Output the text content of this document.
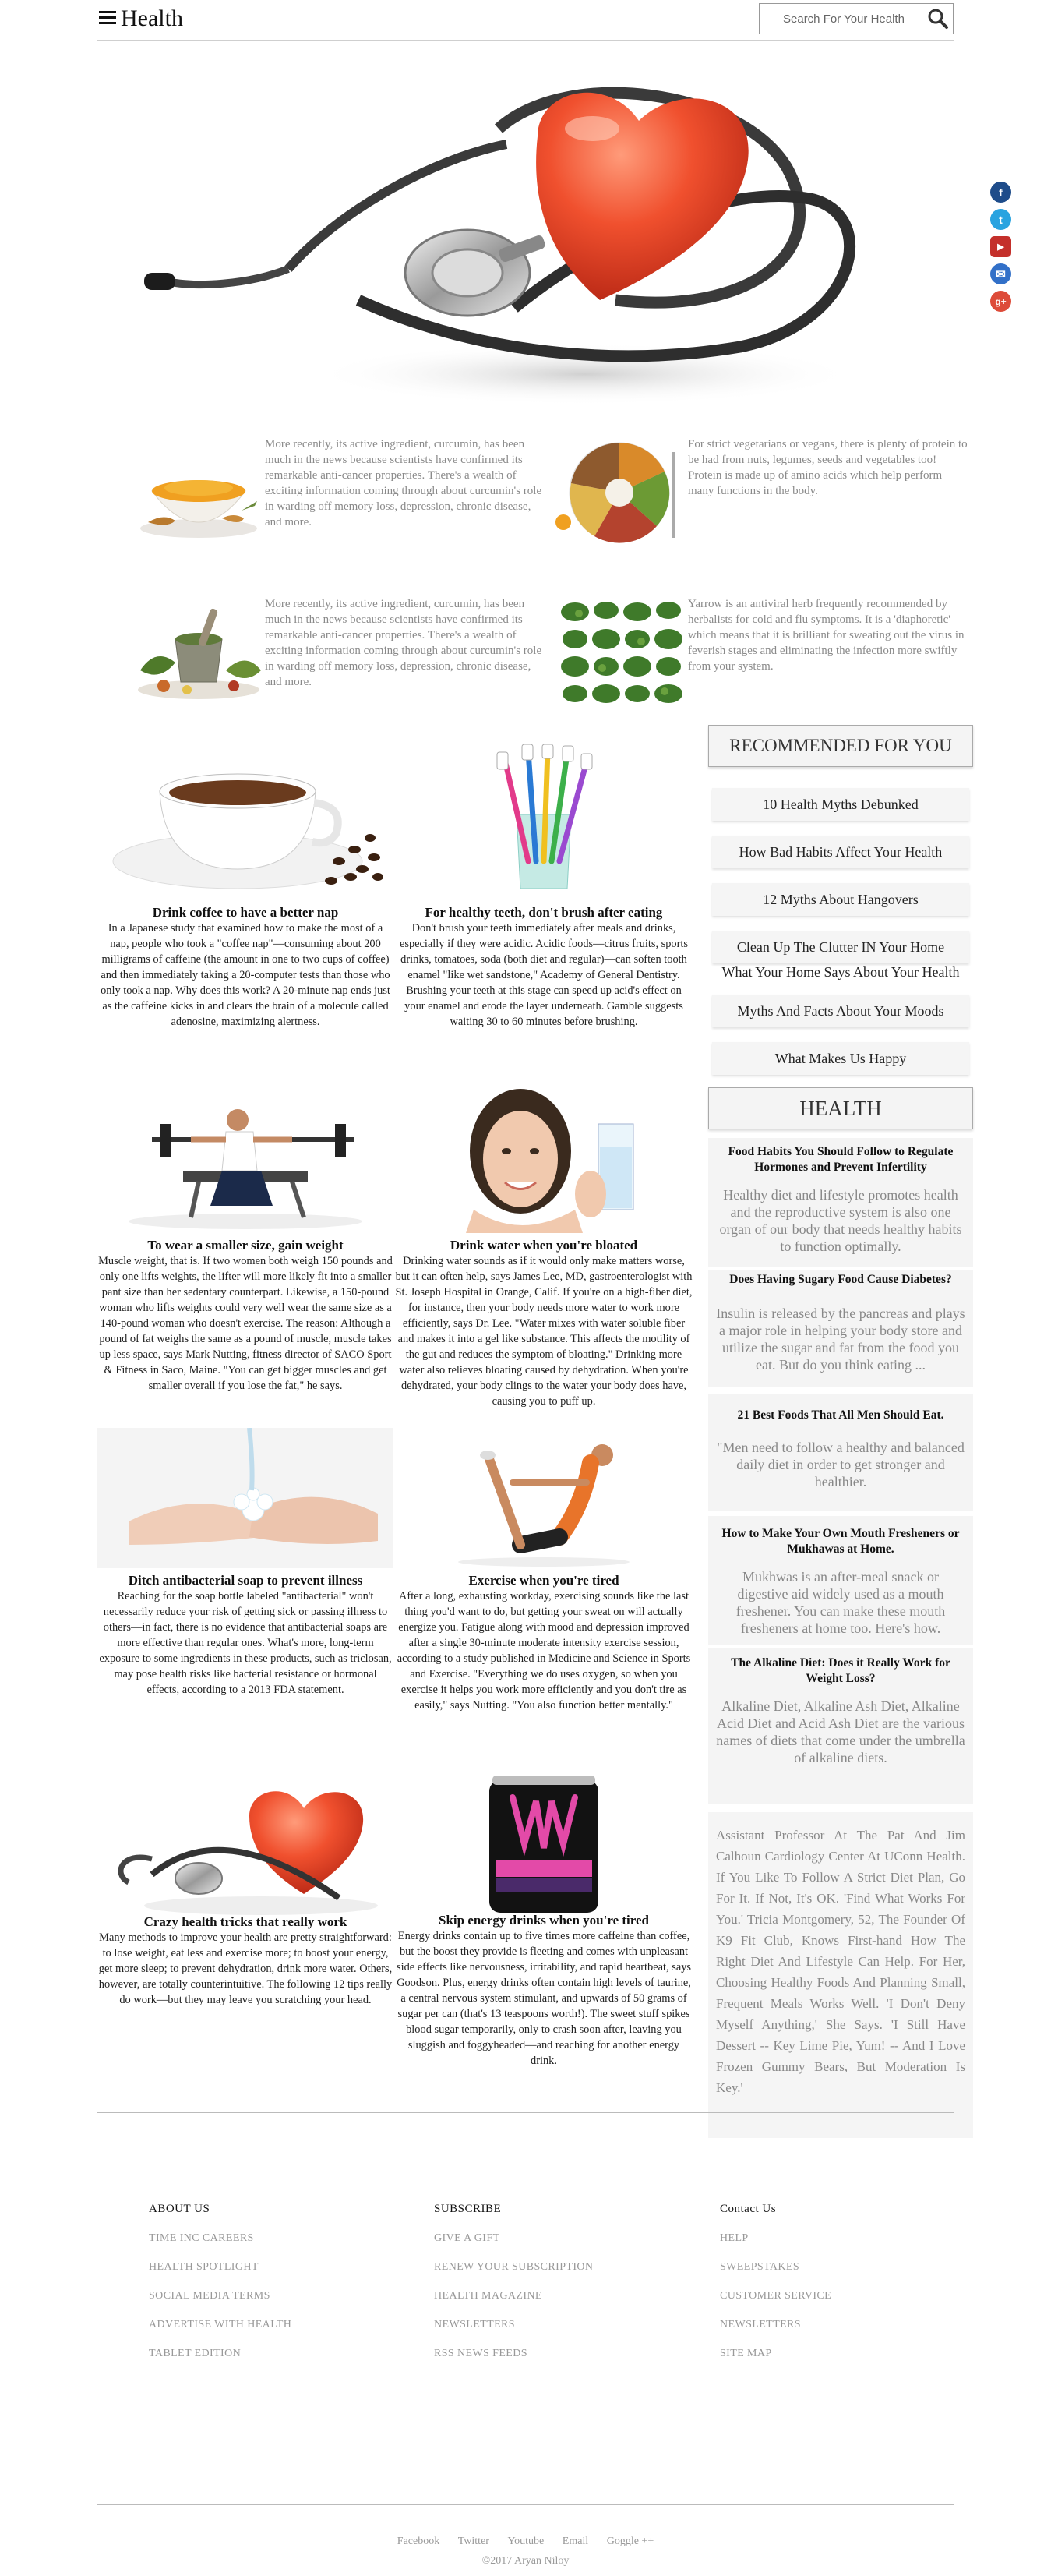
Health
Search For Your Health
f
t
▶
✉
g+
More recently, its active ingredient, curcumin, has been much in the news because scientists have confirmed its remarkable anti-cancer properties. There's a wealth of exciting information coming through about curcumin's role in warding off memory loss, depression, chronic disease, and more.
For strict vegetarians or vegans, there is plenty of protein to be had from nuts, legumes, seeds and vegetables too! Protein is made up of amino acids which help perform many functions in the body.
More recently, its active ingredient, curcumin, has been much in the news because scientists have confirmed its remarkable anti-cancer properties. There's a wealth of exciting information coming through about curcumin's role in warding off memory loss, depression, chronic disease, and more.
Yarrow is an antiviral herb frequently recommended by herbalists for cold and flu symptoms. It is a 'diaphoretic' which means that it is brilliant for sweating out the virus in feverish stages and eliminating the infection more swiftly from your system.
Drink coffee to have a better nap

In a Japanese study that examined how to make the most of a nap, people who took a "coffee nap"—consuming about 200 milligrams of caffeine (the amount in one to two cups of coffee) and then immediately taking a 20-computer tests than those who only took a nap. Why does this work? A 20-minute nap ends just as the caffeine kicks in and clears the brain of a molecule called adenosine, maximizing alertness.

For healthy teeth, don't brush after eating

Don't brush your teeth immediately after meals and drinks, especially if they were acidic. Acidic foods—citrus fruits, sports drinks, tomatoes, soda (both diet and regular)—can soften tooth enamel "like wet sandstone," Academy of General Dentistry. Brushing your teeth at this stage can speed up acid's effect on your enamel and erode the layer underneath. Gamble suggests waiting 30 to 60 minutes before brushing.

To wear a smaller size, gain weight

Muscle weight, that is. If two women both weigh 150 pounds and only one lifts weights, the lifter will more likely fit into a smaller pant size than her sedentary counterpart. Likewise, a 150-pound woman who lifts weights could very well wear the same size as a 140-pound woman who doesn't exercise. The reason: Although a pound of fat weighs the same as a pound of muscle, muscle takes up less space, says Mark Nutting, fitness director of SACO Sport & Fitness in Saco, Maine. "You can get bigger muscles and get smaller overall if you lose the fat," he says.

Drink water when you're bloated

Drinking water sounds as if it would only make matters worse, but it can often help, says James Lee, MD, gastroenterologist with St. Joseph Hospital in Orange, Calif. If you're on a high-fiber diet, for instance, then your body needs more water to work more efficiently, says Dr. Lee. "Water mixes with water soluble fiber and makes it into a gel like substance. This affects the motility of the gut and reduces the symptom of bloating." Drinking more water also relieves bloating caused by dehydration. When you're dehydrated, your body clings to the water your body does have, causing you to puff up.

Ditch antibacterial soap to prevent illness

Reaching for the soap bottle labeled "antibacterial" won't necessarily reduce your risk of getting sick or passing illness to others—in fact, there is no evidence that antibacterial soaps are more effective than regular ones. What's more, long-term exposure to some ingredients in these products, such as triclosan, may pose health risks like bacterial resistance or hormonal effects, according to a 2013 FDA statement.

Exercise when you're tired

After a long, exhausting workday, exercising sounds like the last thing you'd want to do, but getting your sweat on will actually energize you. Fatigue along with mood and depression improved after a single 30-minute moderate intensity exercise session, according to a study published in Medicine and Science in Sports and Exercise. "Everything we do uses oxygen, so when you exercise it helps you work more efficiently and you don't tire as easily," says Nutting. "You also function better mentally."

Crazy health tricks that really work

Many methods to improve your health are pretty straightforward: to lose weight, eat less and exercise more; to boost your energy, get more sleep; to prevent dehydration, drink more water. Others, however, are totally counterintuitive. The following 12 tips really do work—but they may leave you scratching your head.

Skip energy drinks when you're tired

Energy drinks contain up to five times more caffeine than coffee, but the boost they provide is fleeting and comes with unpleasant side effects like nervousness, irritability, and rapid heartbeat, says Goodson. Plus, energy drinks often contain high levels of taurine, a central nervous system stimulant, and upwards of 50 grams of sugar per can (that's 13 teaspoons worth!). The sweet stuff spikes blood sugar temporarily, only to crash soon after, leaving you sluggish and foggyheaded—and reaching for another energy drink.

RECOMMENDED FOR YOU
10 Health Myths Debunked
How Bad Habits Affect Your Health
12 Myths About Hangovers
Clean Up The Clutter IN Your Home
What Your Home Says About Your Health
Myths And Facts About Your Moods
What Makes Us Happy
HEALTH
Food Habits You Should Follow to Regulate Hormones and Prevent Infertility

Healthy diet and lifestyle promotes health and the reproductive system is also one organ of our body that needs healthy habits to function optimally.

Does Having Sugary Food Cause Diabetes?

Insulin is released by the pancreas and plays a major role in helping your body store and utilize the sugar and fat from the food you eat. But do you think eating ...

21 Best Foods That All Men Should Eat.

"Men need to follow a healthy and balanced daily diet in order to get stronger and healthier.

How to Make Your Own Mouth Fresheners or Mukhawas at Home.

Mukhwas is an after-meal snack or digestive aid widely used as a mouth freshener. You can make these mouth fresheners at home too. Here's how.

The Alkaline Diet: Does it Really Work for Weight Loss?

Alkaline Diet, Alkaline Ash Diet, Alkaline Acid Diet and Acid Ash Diet are the various names of diets that come under the umbrella of alkaline diets.

Assistant Professor At The Pat And Jim Calhoun Cardiology Center At UConn Health. If You Like To Follow A Strict Diet Plan, Go For It. If Not, It's OK. 'Find What Works For You.' Tricia Montgomery, 52, The Founder Of K9 Fit Club, Knows First-hand How The Right Diet And Lifestyle Can Help. For Her, Choosing Healthy Foods And Planning Small, Frequent Meals Works Well. 'I Don't Deny Myself Anything,' She Says. 'I Still Have Dessert -- Key Lime Pie, Yum! -- And I Love Frozen Gummy Bears, But Moderation Is Key.'
ABOUT US
TIME INC CAREERS
HEALTH SPOTLIGHT
SOCIAL MEDIA TERMS
ADVERTISE WITH HEALTH
TABLET EDITION
SUBSCRIBE
GIVE A GIFT
RENEW YOUR SUBSCRIPTION
HEALTH MAGAZINE
NEWSLETTERS
RSS NEWS FEEDS
Contact Us
HELP
SWEEPSTAKES
CUSTOMER SERVICE
NEWSLETTERS
SITE MAP
Facebook Twitter Youtube Email Goggle ++
©2017 Aryan Niloy
